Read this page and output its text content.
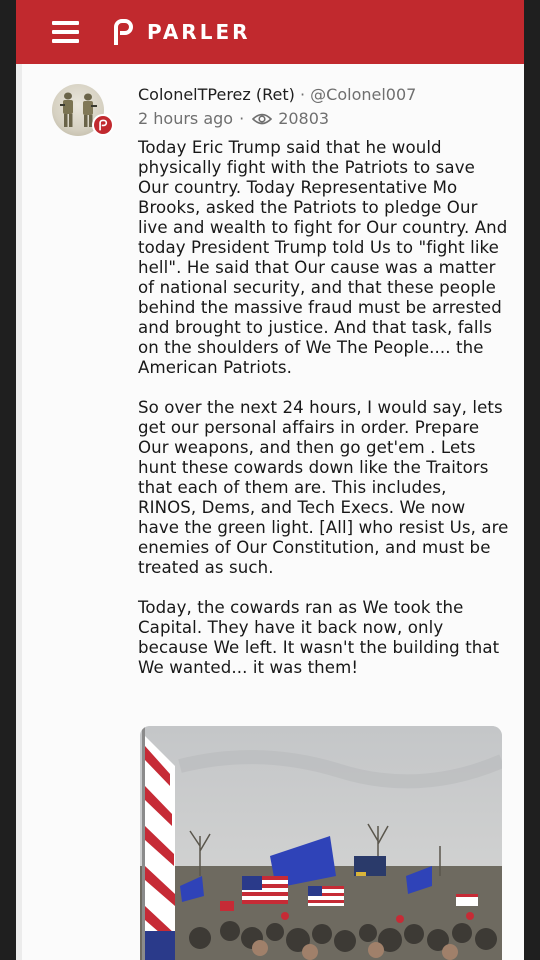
PARLER
ColonelTPerez (Ret) · @Colonel007
2 hours ago · 20803

Today Eric Trump said that he would physically fight with the Patriots to save Our country. Today Representative Mo Brooks, asked the Patriots to pledge Our live and wealth to fight for Our country. And today President Trump told Us to "fight like hell". He said that Our cause was a matter of national security, and that these people behind the massive fraud must be arrested and brought to justice. And that task, falls on the shoulders of We The People.... the American Patriots.

So over the next 24 hours, I would say, lets get our personal affairs in order. Prepare Our weapons, and then go get'em . Lets hunt these cowards down like the Traitors that each of them are. This includes, RINOS, Dems, and Tech Execs. We now have the green light. [All] who resist Us, are enemies of Our Constitution, and must be treated as such.

Today, the cowards ran as We took the Capital. They have it back now, only because We left. It wasn't the building that We wanted... it was them!
